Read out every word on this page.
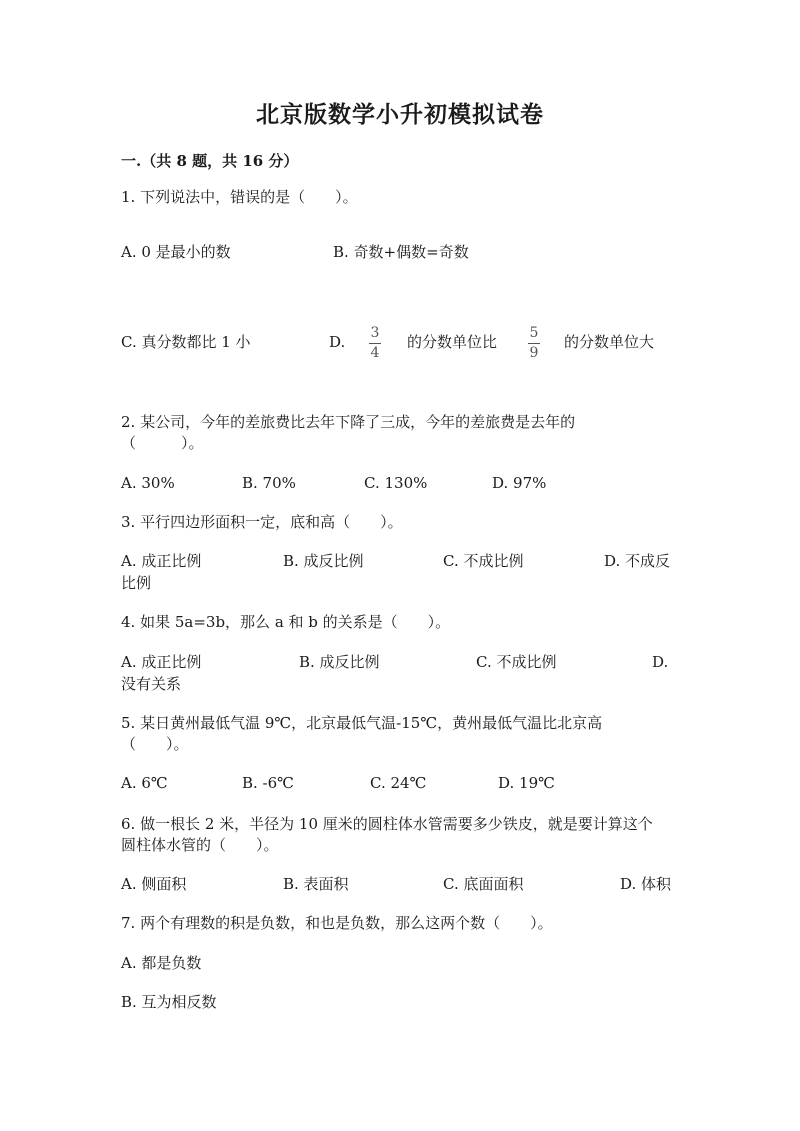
北京版数学小升初模拟试卷
一.（共 8 题，共 16 分）
1. 下列说法中，错误的是（　　）。
A. 0 是最小的数	B. 奇数+偶数=奇数
C. 真分数都比 1 小	D. 3
4
的分数单位比 5
9
的分数单位大
2. 某公司，今年的差旅费比去年下降了三成，今年的差旅费是去年的
（　　　）。
A. 30%	B. 70%	C. 130%	D. 97%
3. 平行四边形面积一定，底和高（　　）。
A. 成正比例	B. 成反比例	C. 不成比例	D. 不成反
比例
4. 如果 5a=3b，那么 a 和 b 的关系是（　　）。
A. 成正比例	B. 成反比例	C. 不成比例	D.
没有关系
5. 某日黄州最低气温 9℃，北京最低气温-15℃，黄州最低气温比北京高
（　　）。
A. 6℃	B. -6℃	C. 24℃	D. 19℃
6. 做一根长 2 米，半径为 10 厘米的圆柱体水管需要多少铁皮，就是要计算这个
圆柱体水管的（　　）。
A. 侧面积	B. 表面积	C. 底面面积	D. 体积
7. 两个有理数的积是负数，和也是负数，那么这两个数（　　）。
A. 都是负数
B. 互为相反数
